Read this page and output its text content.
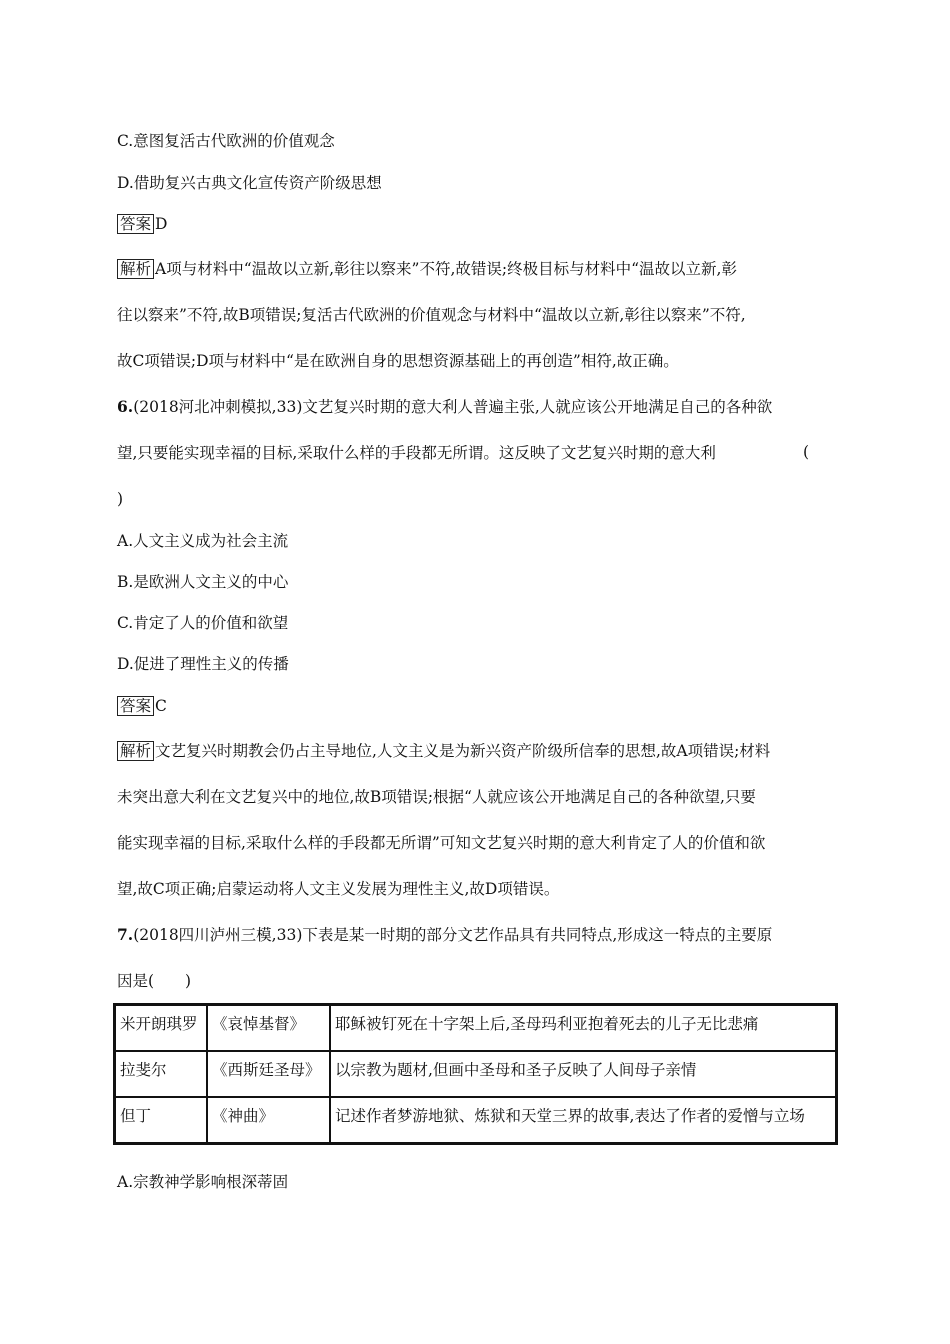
C.意图复活古代欧洲的价值观念
D.借助复兴古典文化宣传资产阶级思想
答案 D
解析 A项与材料中“温故以立新,彰往以察来”不符,故错误;终极目标与材料中“温故以立新,彰
往以察来”不符,故B项错误;复活古代欧洲的价值观念与材料中“温故以立新,彰往以察来”不符,
故C项错误;D项与材料中“是在欧洲自身的思想资源基础上的再创造”相符,故正确。
6.(2018河北冲刺模拟,33)文艺复兴时期的意大利人普遍主张,人就应该公开地满足自己的各种欲
望,只要能实现幸福的目标,采取什么样的手段都无所谓。这反映了文艺复兴时期的意大利	(
)
A.人文主义成为社会主流
B.是欧洲人文主义的中心
C.肯定了人的价值和欲望
D.促进了理性主义的传播
答案 C
解析 文艺复兴时期教会仍占主导地位,人文主义是为新兴资产阶级所信奉的思想,故A项错误;材料
未突出意大利在文艺复兴中的地位,故B项错误;根据“人就应该公开地满足自己的各种欲望,只要
能实现幸福的目标,采取什么样的手段都无所谓”可知文艺复兴时期的意大利肯定了人的价值和欲
望,故C项正确;启蒙运动将人文主义发展为理性主义,故D项错误。
7.(2018四川泸州三模,33)下表是某一时期的部分文艺作品具有共同特点,形成这一特点的主要原
因是(　　)
米开朗琪罗	《哀悼基督》	耶稣被钉死在十字架上后,圣母玛利亚抱着死去的儿子无比悲痛
拉斐尔	《西斯廷圣母》	以宗教为题材,但画中圣母和圣子反映了人间母子亲情
但丁	《神曲》	记述作者梦游地狱、炼狱和天堂三界的故事,表达了作者的爱憎与立场
A.宗教神学影响根深蒂固
